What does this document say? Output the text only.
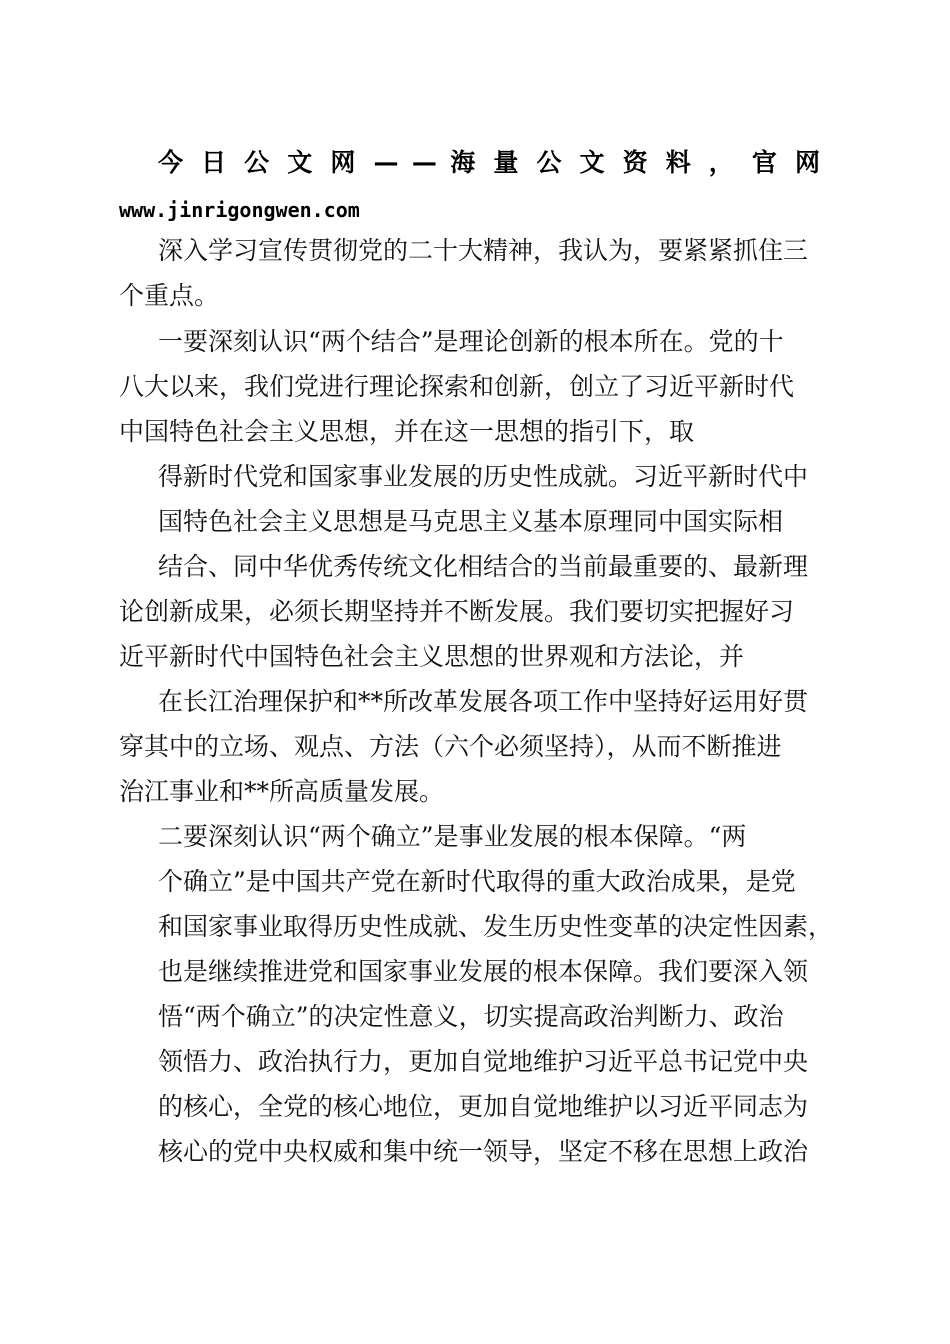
今 日 公 文 网 — — 海 量 公 文 资 料 ， 官 网
www.jinrigongwen.com
深入学习宣传贯彻党的二十大精神，我认为，要紧紧抓住三
个重点。
一要深刻认识“两个结合”是理论创新的根本所在。党的十
八大以来，我们党进行理论探索和创新，创立了习近平新时代
中国特色社会主义思想，并在这一思想的指引下，取
得新时代党和国家事业发展的历史性成就。习近平新时代中
国特色社会主义思想是马克思主义基本原理同中国实际相
结合、同中华优秀传统文化相结合的当前最重要的、最新理
论创新成果，必须长期坚持并不断发展。我们要切实把握好习
近平新时代中国特色社会主义思想的世界观和方法论，并
在长江治理保护和**所改革发展各项工作中坚持好运用好贯
穿其中的立场、观点、方法（六个必须坚持），从而不断推进
治江事业和**所高质量发展。
二要深刻认识“两个确立”是事业发展的根本保障。“两
个确立”是中国共产党在新时代取得的重大政治成果，是党
和国家事业取得历史性成就、发生历史性变革的决定性因素，
也是继续推进党和国家事业发展的根本保障。我们要深入领
悟“两个确立”的决定性意义，切实提高政治判断力、政治
领悟力、政治执行力，更加自觉地维护习近平总书记党中央
的核心，全党的核心地位，更加自觉地维护以习近平同志为
核心的党中央权威和集中统一领导，坚定不移在思想上政治
